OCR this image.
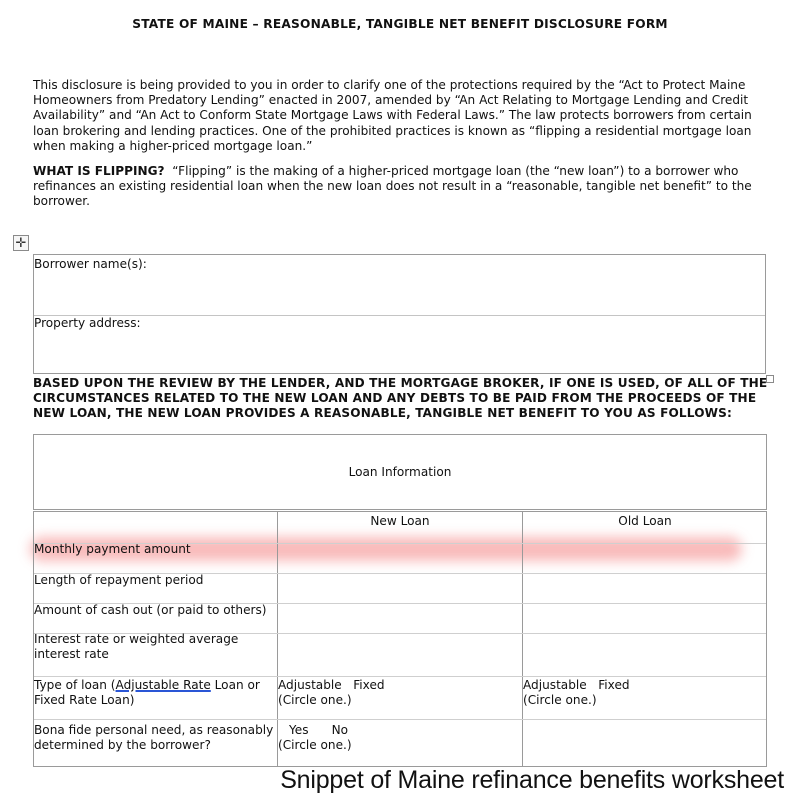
STATE OF MAINE – REASONABLE, TANGIBLE NET BENEFIT DISCLOSURE FORM

This disclosure is being provided to you in order to clarify one of the protections required by the “Act to Protect Maine Homeowners from Predatory Lending” enacted in 2007, amended by “An Act Relating to Mortgage Lending and Credit Availability” and “An Act to Conform State Mortgage Laws with Federal Laws.” The law protects borrowers from certain loan brokering and lending practices. One of the prohibited practices is known as “flipping a residential mortgage loan when making a higher-priced mortgage loan.”

WHAT IS FLIPPING? “Flipping” is the making of a higher-priced mortgage loan (the “new loan”) to a borrower who refinances an existing residential loan when the new loan does not result in a “reasonable, tangible net benefit” to the borrower.

✛
Borrower name(s):
Property address:

BASED UPON THE REVIEW BY THE LENDER, AND THE MORTGAGE BROKER, IF ONE IS USED, OF ALL OF THE CIRCUMSTANCES RELATED TO THE NEW LOAN AND ANY DEBTS TO BE PAID FROM THE PROCEEDS OF THE NEW LOAN, THE NEW LOAN PROVIDES A REASONABLE, TANGIBLE NET BENEFIT TO YOU AS FOLLOWS:

Loan Information
New Loan	Old Loan
Monthly payment amount
Length of repayment period
Amount of cash out (or paid to others)
Interest rate or weighted average interest rate
Type of loan (Adjustable Rate Loan or Fixed Rate Loan)
Adjustable   Fixed
(Circle one.)
Adjustable   Fixed
(Circle one.)
Bona fide personal need, as reasonably determined by the borrower?
Yes      No
(Circle one.)
Snippet of Maine refinance benefits worksheet
